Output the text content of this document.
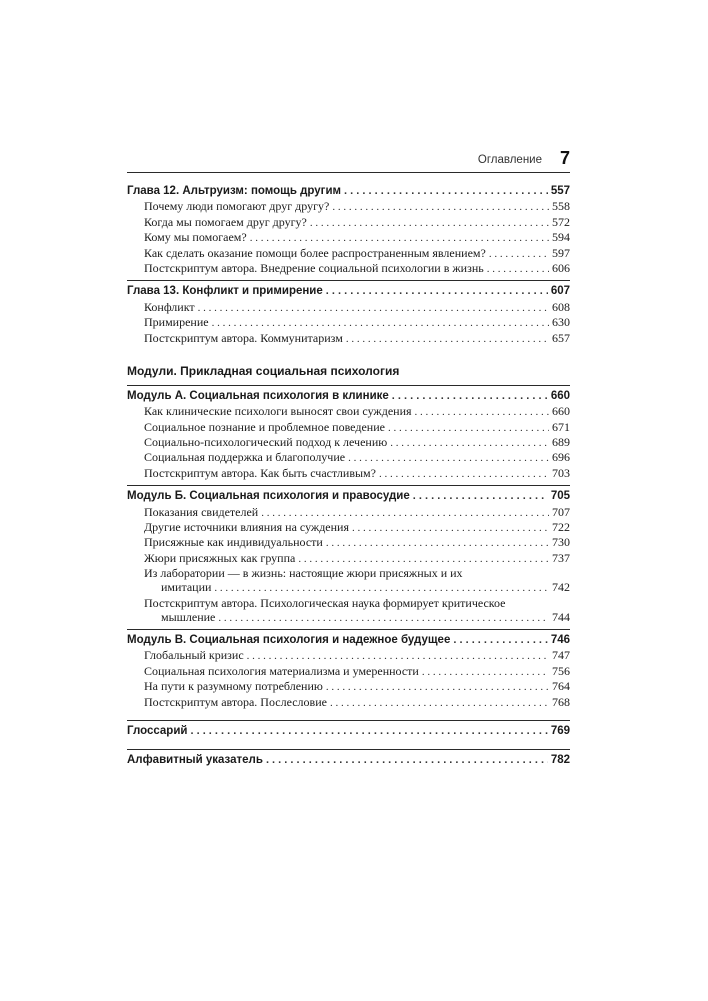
Оглавление 7
Глава 12. Альтруизм: помощь другим . . .	557
Почему люди помогают друг другу? . . .	558
Когда мы помогаем друг другу? . . .	572
Кому мы помогаем? . . .	594
Как сделать оказание помощи более распространенным явлением? . . .	597
Постскриптум автора. Внедрение социальной психологии в жизнь . . .	606
Глава 13. Конфликт и примирение . . .	607
Конфликт . . .	608
Примирение . . .	630
Постскриптум автора. Коммунитаризм . . .	657
Модули. Прикладная социальная психология
Модуль А. Социальная психология в клинике . . .	660
Как клинические психологи выносят свои суждения . . .	660
Социальное познание и проблемное поведение . . .	671
Социально-психологический подход к лечению . . .	689
Социальная поддержка и благополучие . . .	696
Постскриптум автора. Как быть счастливым? . . .	703
Модуль Б. Социальная психология и правосудие . . .	705
Показания свидетелей . . .	707
Другие источники влияния на суждения . . .	722
Присяжные как индивидуальности . . .	730
Жюри присяжных как группа . . .	737
Из лаборатории — в жизнь: настоящие жюри присяжных и их
имитации . . .	742
Постскриптум автора. Психологическая наука формирует критическое
мышление . . .	744
Модуль В. Социальная психология и надежное будущее . . .	746
Глобальный кризис . . .	747
Социальная психология материализма и умеренности . . .	756
На пути к разумному потреблению . . .	764
Постскриптум автора. Послесловие . . .	768
Глоссарий . . .	769
Алфавитный указатель . . .	782
